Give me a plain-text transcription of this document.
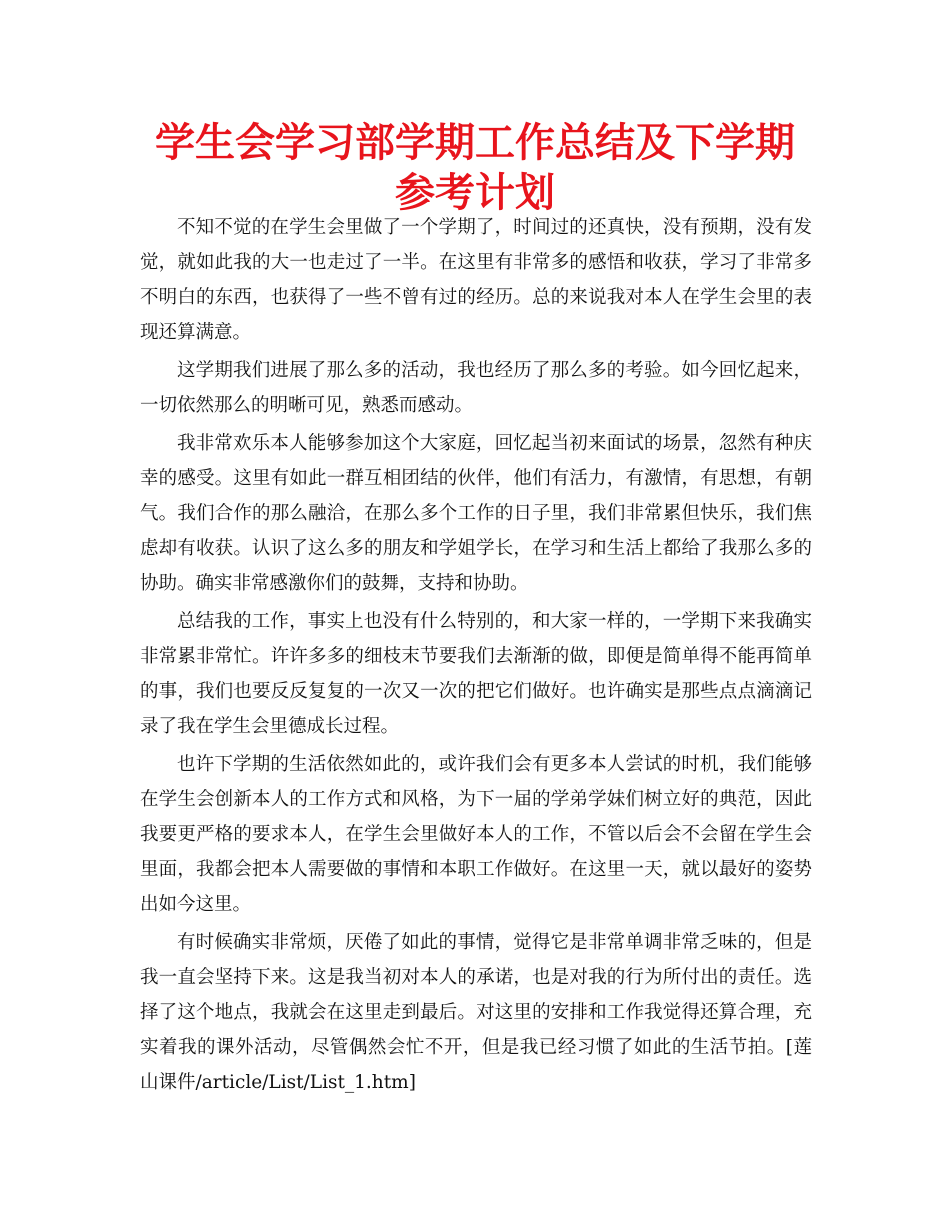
学生会学习部学期工作总结及下学期参考计划

不知不觉的在学生会里做了一个学期了，时间过的还真快，没有预期，没有发觉，就如此我的大一也走过了一半。在这里有非常多的感悟和收获，学习了非常多不明白的东西，也获得了一些不曾有过的经历。总的来说我对本人在学生会里的表现还算满意。

这学期我们进展了那么多的活动，我也经历了那么多的考验。如今回忆起来，一切依然那么的明晰可见，熟悉而感动。

我非常欢乐本人能够参加这个大家庭，回忆起当初来面试的场景，忽然有种庆幸的感受。这里有如此一群互相团结的伙伴，他们有活力，有激情，有思想，有朝气。我们合作的那么融洽，在那么多个工作的日子里，我们非常累但快乐，我们焦虑却有收获。认识了这么多的朋友和学姐学长，在学习和生活上都给了我那么多的协助。确实非常感激你们的鼓舞，支持和协助。

总结我的工作，事实上也没有什么特别的，和大家一样的，一学期下来我确实非常累非常忙。许许多多的细枝末节要我们去渐渐的做，即便是简单得不能再简单的事，我们也要反反复复的一次又一次的把它们做好。也许确实是那些点点滴滴记录了我在学生会里德成长过程。

也许下学期的生活依然如此的，或许我们会有更多本人尝试的时机，我们能够在学生会创新本人的工作方式和风格，为下一届的学弟学妹们树立好的典范，因此我要更严格的要求本人，在学生会里做好本人的工作，不管以后会不会留在学生会里面，我都会把本人需要做的事情和本职工作做好。在这里一天，就以最好的姿势出如今这里。

有时候确实非常烦，厌倦了如此的事情，觉得它是非常单调非常乏味的，但是我一直会坚持下来。这是我当初对本人的承诺，也是对我的行为所付出的责任。选择了这个地点，我就会在这里走到最后。对这里的安排和工作我觉得还算合理，充实着我的课外活动，尽管偶然会忙不开，但是我已经习惯了如此的生活节拍。[莲山课件/article/List/List_1.htm]
